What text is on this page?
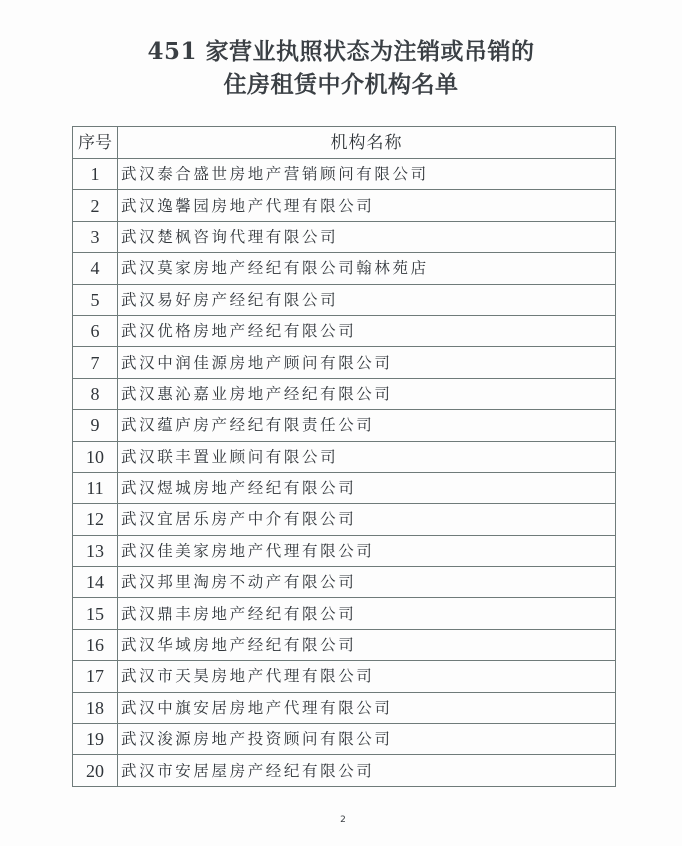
451 家营业执照状态为注销或吊销的
住房租赁中介机构名单
序号	机构名称
1	武汉泰合盛世房地产营销顾问有限公司
2	武汉逸馨园房地产代理有限公司
3	武汉楚枫咨询代理有限公司
4	武汉莫家房地产经纪有限公司翰林苑店
5	武汉易好房产经纪有限公司
6	武汉优格房地产经纪有限公司
7	武汉中润佳源房地产顾问有限公司
8	武汉惠沁嘉业房地产经纪有限公司
9	武汉蕴庐房产经纪有限责任公司
10	武汉联丰置业顾问有限公司
11	武汉煜城房地产经纪有限公司
12	武汉宜居乐房产中介有限公司
13	武汉佳美家房地产代理有限公司
14	武汉邦里淘房不动产有限公司
15	武汉鼎丰房地产经纪有限公司
16	武汉华域房地产经纪有限公司
17	武汉市天昊房地产代理有限公司
18	武汉中旗安居房地产代理有限公司
19	武汉浚源房地产投资顾问有限公司
20	武汉市安居屋房产经纪有限公司
2
